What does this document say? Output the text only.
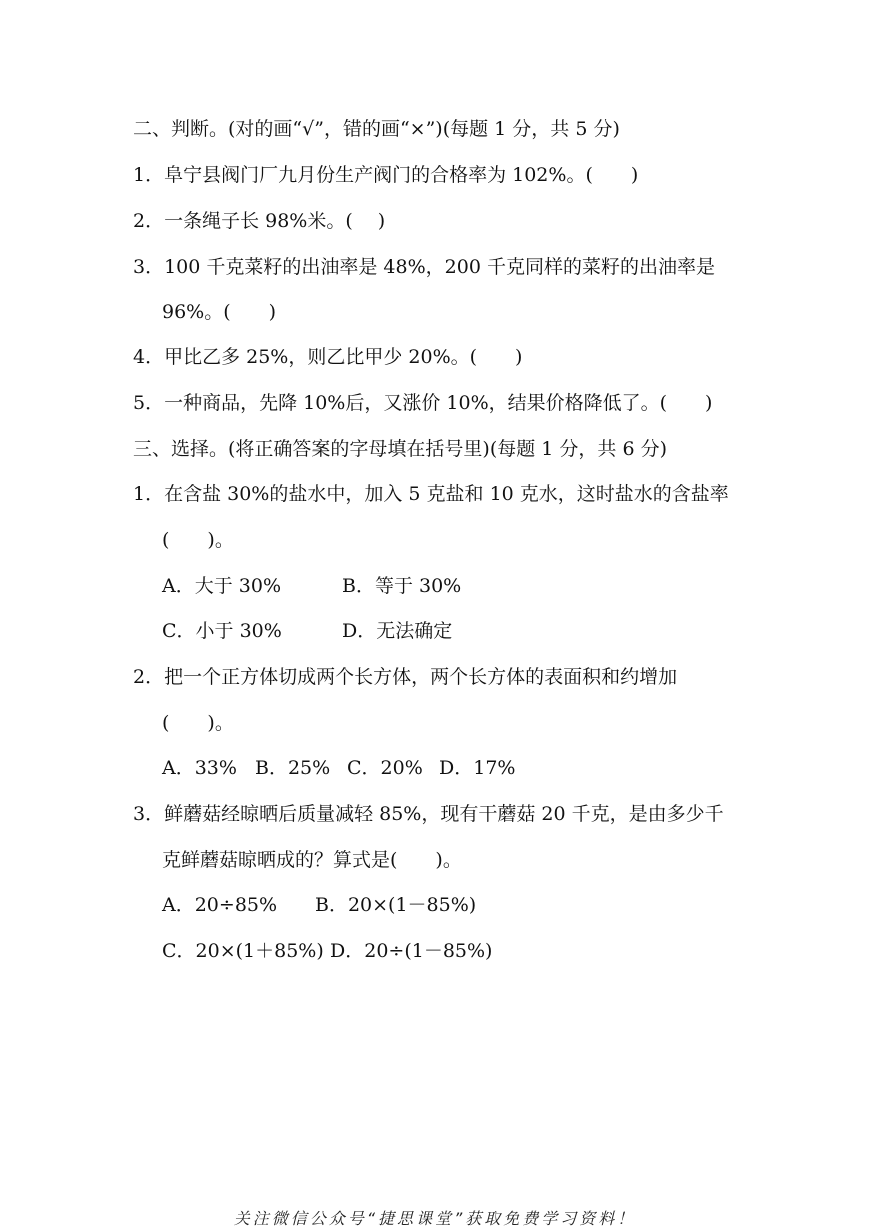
二、判断。(对的画“√”，错的画“×”)(每题 1 分，共 5 分)
1．阜宁县阀门厂九月份生产阀门的合格率为 102%。(　　)
2．一条绳子长 98%米。(　 )
3．100 千克菜籽的出油率是 48%，200 千克同样的菜籽的出油率是
96%。(　　)
4．甲比乙多 25%，则乙比甲少 20%。(　　)
5．一种商品，先降 10%后，又涨价 10%，结果价格降低了。(　　)
三、选择。(将正确答案的字母填在括号里)(每题 1 分，共 6 分)
1．在含盐 30%的盐水中，加入 5 克盐和 10 克水，这时盐水的含盐率
(　　)。
A．大于 30%	B．等于 30%
C．小于 30%	D．无法确定
2．把一个正方体切成两个长方体，两个长方体的表面积和约增加
(　　)。
A．33% B．25% C．20% D．17%
3．鲜蘑菇经晾晒后质量减轻 85%，现有干蘑菇 20 千克，是由多少千
克鲜蘑菇晾晒成的？算式是(　　)。
A．20÷85% B．20×(1－85%)
C．20×(1＋85%) D．20÷(1－85%)
关注微信公众号“捷思课堂”获取免费学习资料！
